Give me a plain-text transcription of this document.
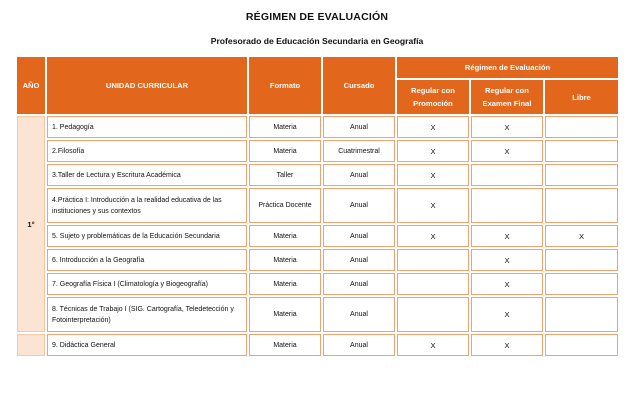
RÉGIMEN DE EVALUACIÓN
Profesorado de Educación Secundaria en Geografía
AÑO	UNIDAD CURRICULAR	Formato	Cursado	Régimen de Evaluación		
				Regular con Promoción	Regular con Examen Final	Libre
1°	1. Pedagogía	Materia	Anual	X	X	
	2.Filosofía	Materia	Cuatrimestral	X	X	
	3.Taller de Lectura y Escritura Académica	Taller	Anual	X		
	4.Práctica I: Introducción a la realidad educativa de las instituciones y sus contextos	Práctica Docente	Anual	X		
	5. Sujeto y problemáticas de la Educación Secundaria	Materia	Anual	X	X	X
	6. Introducción a la Geografía	Materia	Anual		X	
	7. Geografía Física I (Climatología y Biogeografía)	Materia	Anual		X	
	8. Técnicas de Trabajo I (SIG. Cartografía, Teledetección y Fotointerpretación)	Materia	Anual		X	
	9. Didáctica General	Materia	Anual	X	X	
